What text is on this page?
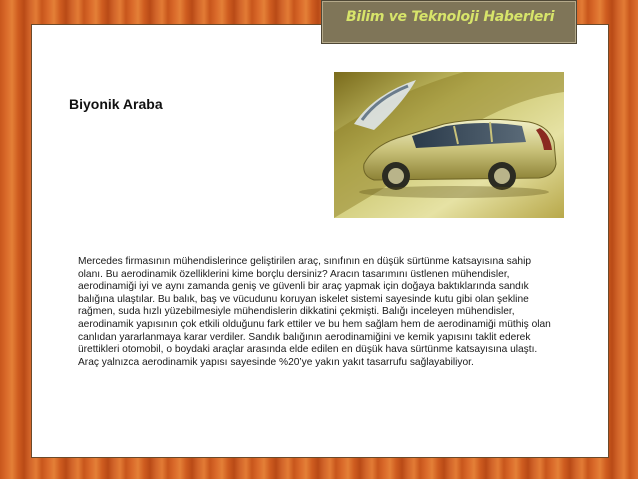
Bilim ve Teknoloji Haberleri
Biyonik Araba

Mercedes firmasının mühendislerince geliştirilen araç, sınıfının en düşük sürtünme katsayısına sahip olanı. Bu aerodinamik özelliklerini kime borçlu dersiniz? Aracın tasarımını üstlenen mühendisler, aerodinamiği iyi ve aynı zamanda geniş ve güvenli bir araç yapmak için doğaya baktıklarında sandık balığına ulaştılar. Bu balık, baş ve vücudunu koruyan iskelet sistemi sayesinde kutu gibi olan şekline rağmen, suda hızlı yüzebilmesiyle mühendislerin dikkatini çekmişti. Balığı inceleyen mühendisler, aerodinamik yapısının çok etkili olduğunu fark ettiler ve bu hem sağlam hem de aerodinamiği müthiş olan canlıdan yararlanmaya karar verdiler. Sandık balığının aerodinamiğini ve kemik yapısını taklit ederek ürettikleri otomobil, o boydaki araçlar arasında elde edilen en düşük hava sürtünme katsayısına ulaştı.

Araç yalnızca aerodinamik yapısı sayesinde %20’ye yakın yakıt tasarrufu sağlayabiliyor.
